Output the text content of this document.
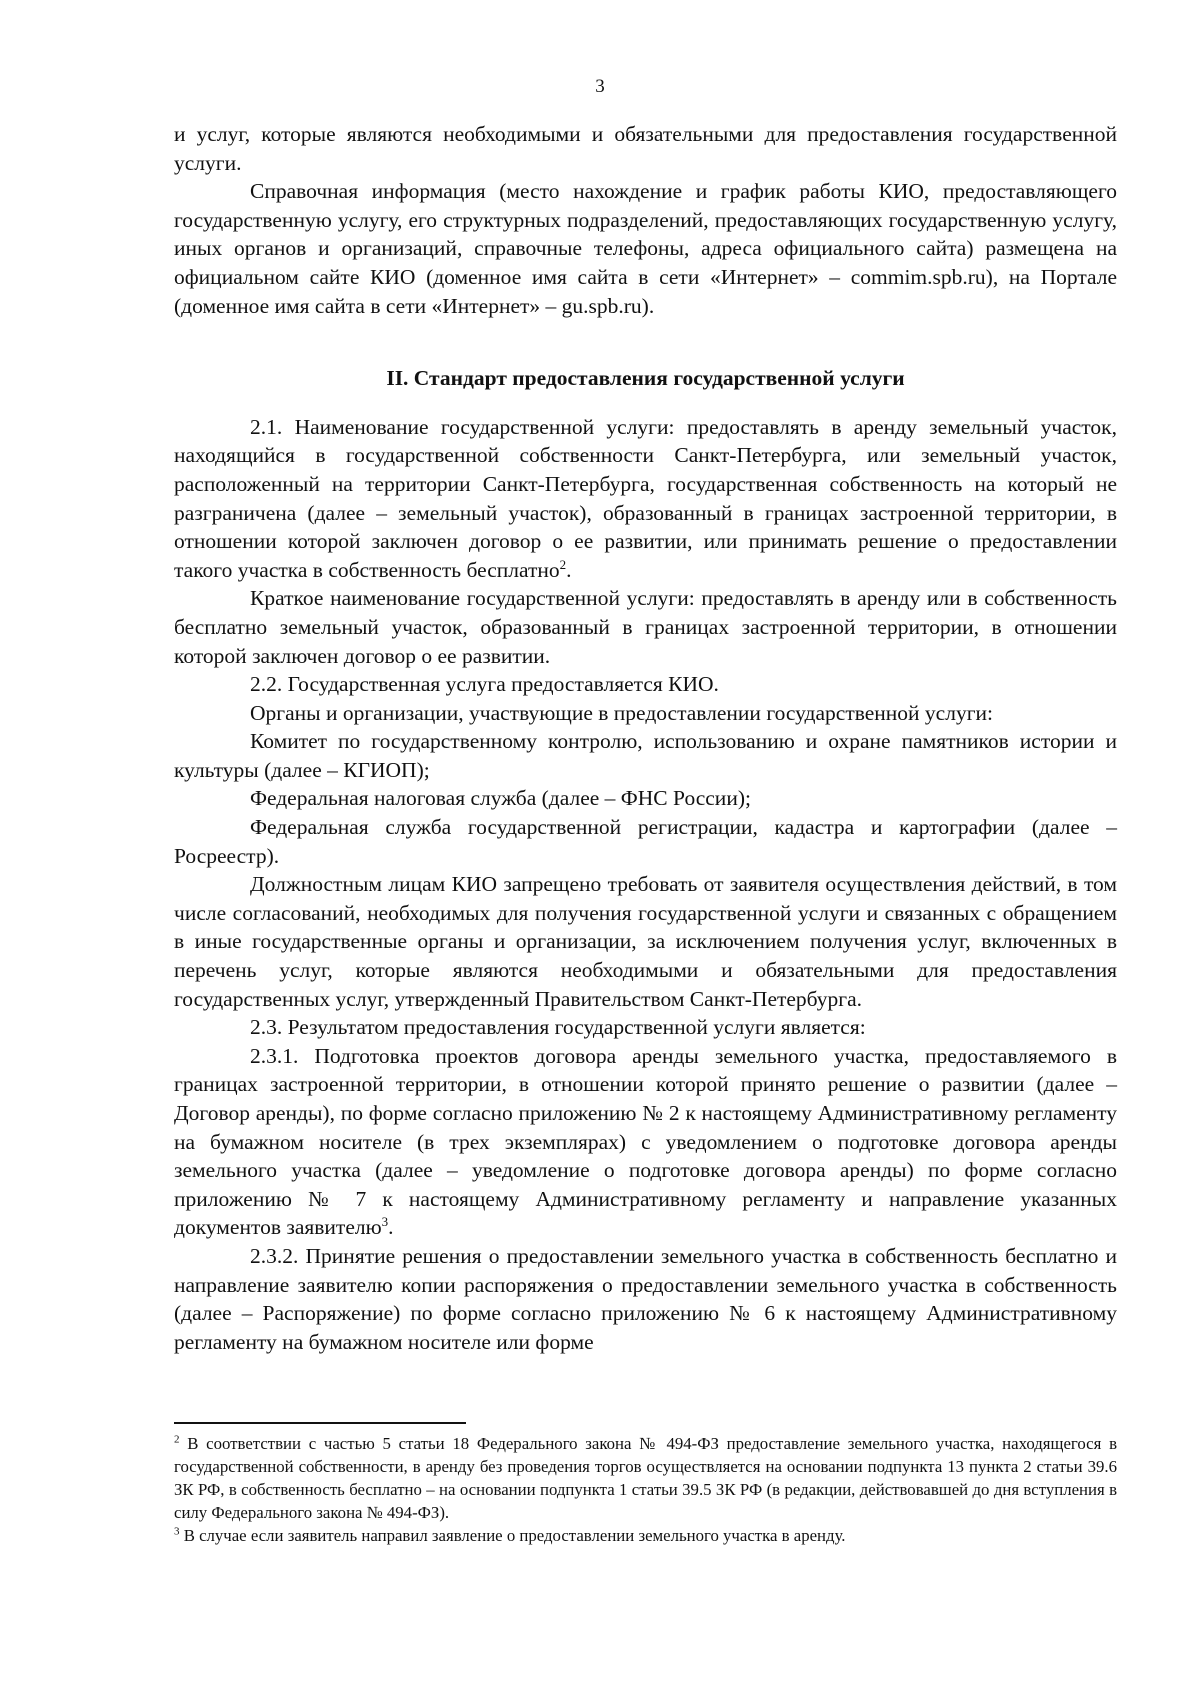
3

и услуг, которые являются необходимыми и обязательными для предоставления государственной услуги.

Справочная информация (место нахождение и график работы КИО, предоставляющего государственную услугу, его структурных подразделений, предоставляющих государственную услугу, иных органов и организаций, справочные телефоны, адреса официального сайта) размещена на официальном сайте КИО (доменное имя сайта в сети «Интернет» – commim.spb.ru), на Портале (доменное имя сайта в сети «Интернет» – gu.spb.ru).

II. Стандарт предоставления государственной услуги

2.1. Наименование государственной услуги: предоставлять в аренду земельный участок, находящийся в государственной собственности Санкт-Петербурга, или земельный участок, расположенный на территории Санкт-Петербурга, государственная собственность на который не разграничена (далее – земельный участок), образованный в границах застроенной территории, в отношении которой заключен договор о ее развитии, или принимать решение о предоставлении такого участка в собственность бесплатно$^2$.

Краткое наименование государственной услуги: предоставлять в аренду или в собственность бесплатно земельный участок, образованный в границах застроенной территории, в отношении которой заключен договор о ее развитии.

2.2. Государственная услуга предоставляется КИО.

Органы и организации, участвующие в предоставлении государственной услуги:

Комитет по государственному контролю, использованию и охране памятников истории и культуры (далее – КГИОП);

Федеральная налоговая служба (далее – ФНС России);

Федеральная служба государственной регистрации, кадастра и картографии (далее – Росреестр).

Должностным лицам КИО запрещено требовать от заявителя осуществления действий, в том числе согласований, необходимых для получения государственной услуги и связанных с обращением в иные государственные органы и организации, за исключением получения услуг, включенных в перечень услуг, которые являются необходимыми и обязательными для предоставления государственных услуг, утвержденный Правительством Санкт-Петербурга.

2.3. Результатом предоставления государственной услуги является:

2.3.1. Подготовка проектов договора аренды земельного участка, предоставляемого в границах застроенной территории, в отношении которой принято решение о развитии (далее – Договор аренды), по форме согласно приложению № 2 к настоящему Административному регламенту на бумажном носителе (в трех экземплярах) с уведомлением о подготовке договора аренды земельного участка (далее – уведомление о подготовке договора аренды) по форме согласно приложению № 7 к настоящему Административному регламенту и направление указанных документов заявителю$^3$.

2.3.2. Принятие решения о предоставлении земельного участка в собственность бесплатно и направление заявителю копии распоряжения о предоставлении земельного участка в собственность (далее – Распоряжение) по форме согласно приложению № 6 к настоящему Административному регламенту на бумажном носителе или форме

$^2$ В соответствии с частью 5 статьи 18 Федерального закона № 494-ФЗ предоставление земельного участка, находящегося в государственной собственности, в аренду без проведения торгов осуществляется на основании подпункта 13 пункта 2 статьи 39.6 ЗК РФ, в собственность бесплатно – на основании подпункта 1 статьи 39.5 ЗК РФ (в редакции, действовавшей до дня вступления в силу Федерального закона № 494-ФЗ).

$^3$ В случае если заявитель направил заявление о предоставлении земельного участка в аренду.
